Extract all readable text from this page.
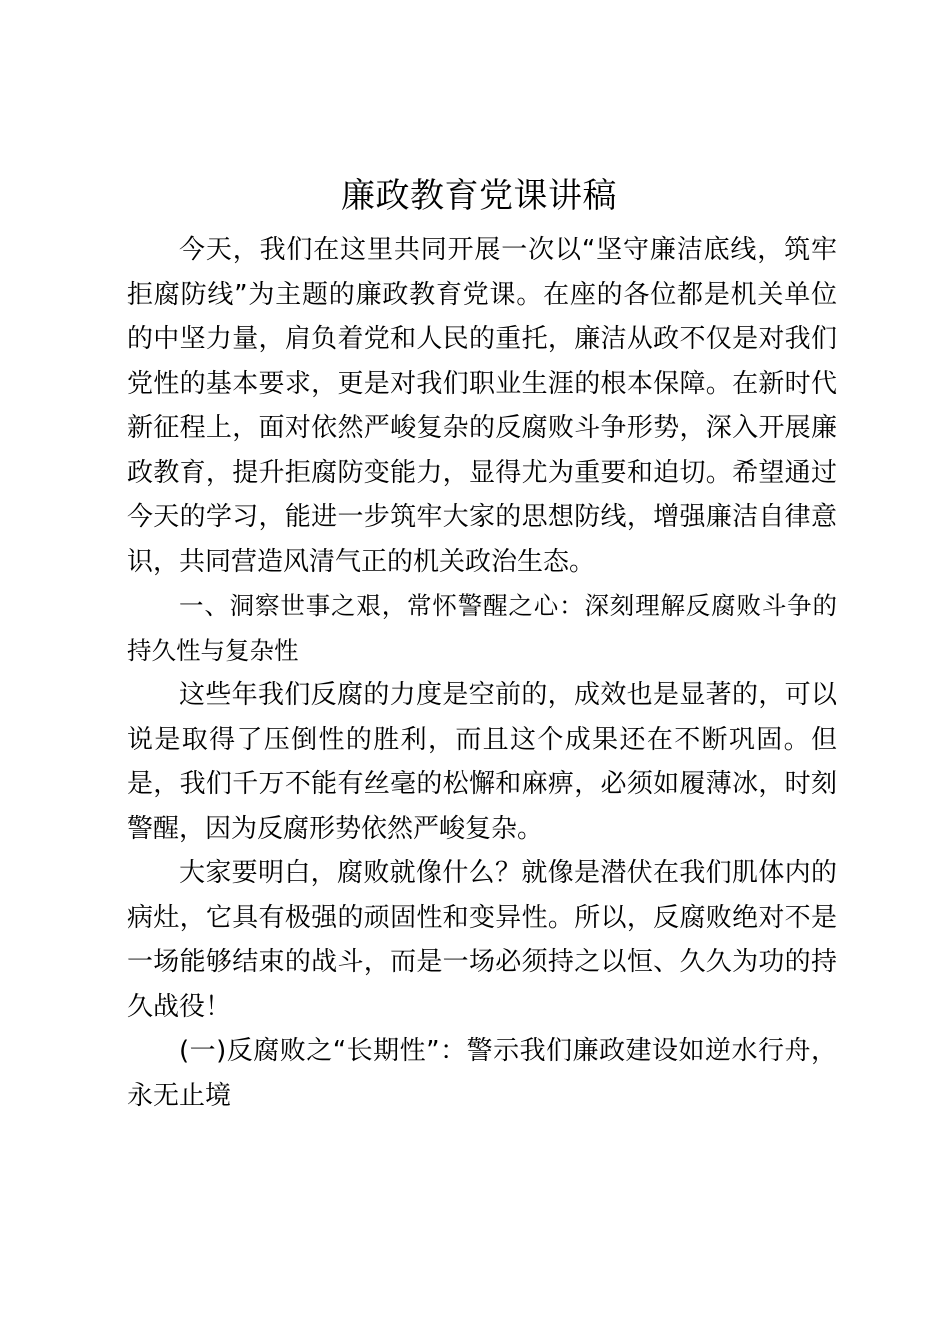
廉政教育党课讲稿

今天，我们在这里共同开展一次以“坚守廉洁底线，筑牢拒腐防线”为主题的廉政教育党课。在座的各位都是机关单位的中坚力量，肩负着党和人民的重托，廉洁从政不仅是对我们党性的基本要求，更是对我们职业生涯的根本保障。在新时代新征程上，面对依然严峻复杂的反腐败斗争形势，深入开展廉政教育，提升拒腐防变能力，显得尤为重要和迫切。希望通过今天的学习，能进一步筑牢大家的思想防线，增强廉洁自律意识，共同营造风清气正的机关政治生态。

一、洞察世事之艰，常怀警醒之心：深刻理解反腐败斗争的持久性与复杂性

这些年我们反腐的力度是空前的，成效也是显著的，可以说是取得了压倒性的胜利，而且这个成果还在不断巩固。但是，我们千万不能有丝毫的松懈和麻痹，必须如履薄冰，时刻警醒，因为反腐形势依然严峻复杂。

大家要明白，腐败就像什么？就像是潜伏在我们肌体内的病灶，它具有极强的顽固性和变异性。所以，反腐败绝对不是一场能够结束的战斗，而是一场必须持之以恒、久久为功的持久战役！

(一)反腐败之“长期性”：警示我们廉政建设如逆水行舟，永无止境
